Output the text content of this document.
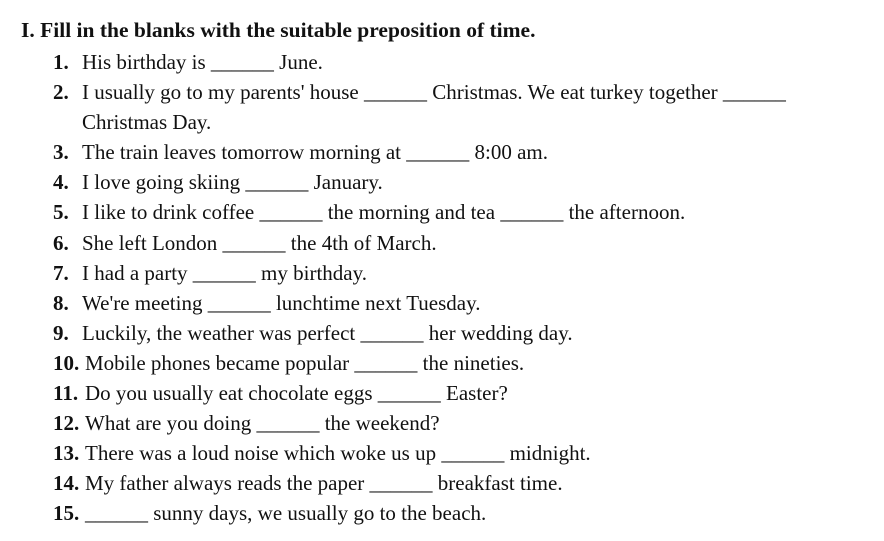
I. Fill in the blanks with the suitable preposition of time.
1. His birthday is ______ June.
2. I usually go to my parents' house ______ Christmas. We eat turkey together ______
Christmas Day.
3. The train leaves tomorrow morning at ______ 8:00 am.
4. I love going skiing ______ January.
5. I like to drink coffee ______ the morning and tea ______ the afternoon.
6. She left London ______ the 4th of March.
7. I had a party ______ my birthday.
8. We're meeting ______ lunchtime next Tuesday.
9. Luckily, the weather was perfect ______ her wedding day.
10. Mobile phones became popular ______ the nineties.
11. Do you usually eat chocolate eggs ______ Easter?
12. What are you doing ______ the weekend?
13. There was a loud noise which woke us up ______ midnight.
14. My father always reads the paper ______ breakfast time.
15. ______ sunny days, we usually go to the beach.
